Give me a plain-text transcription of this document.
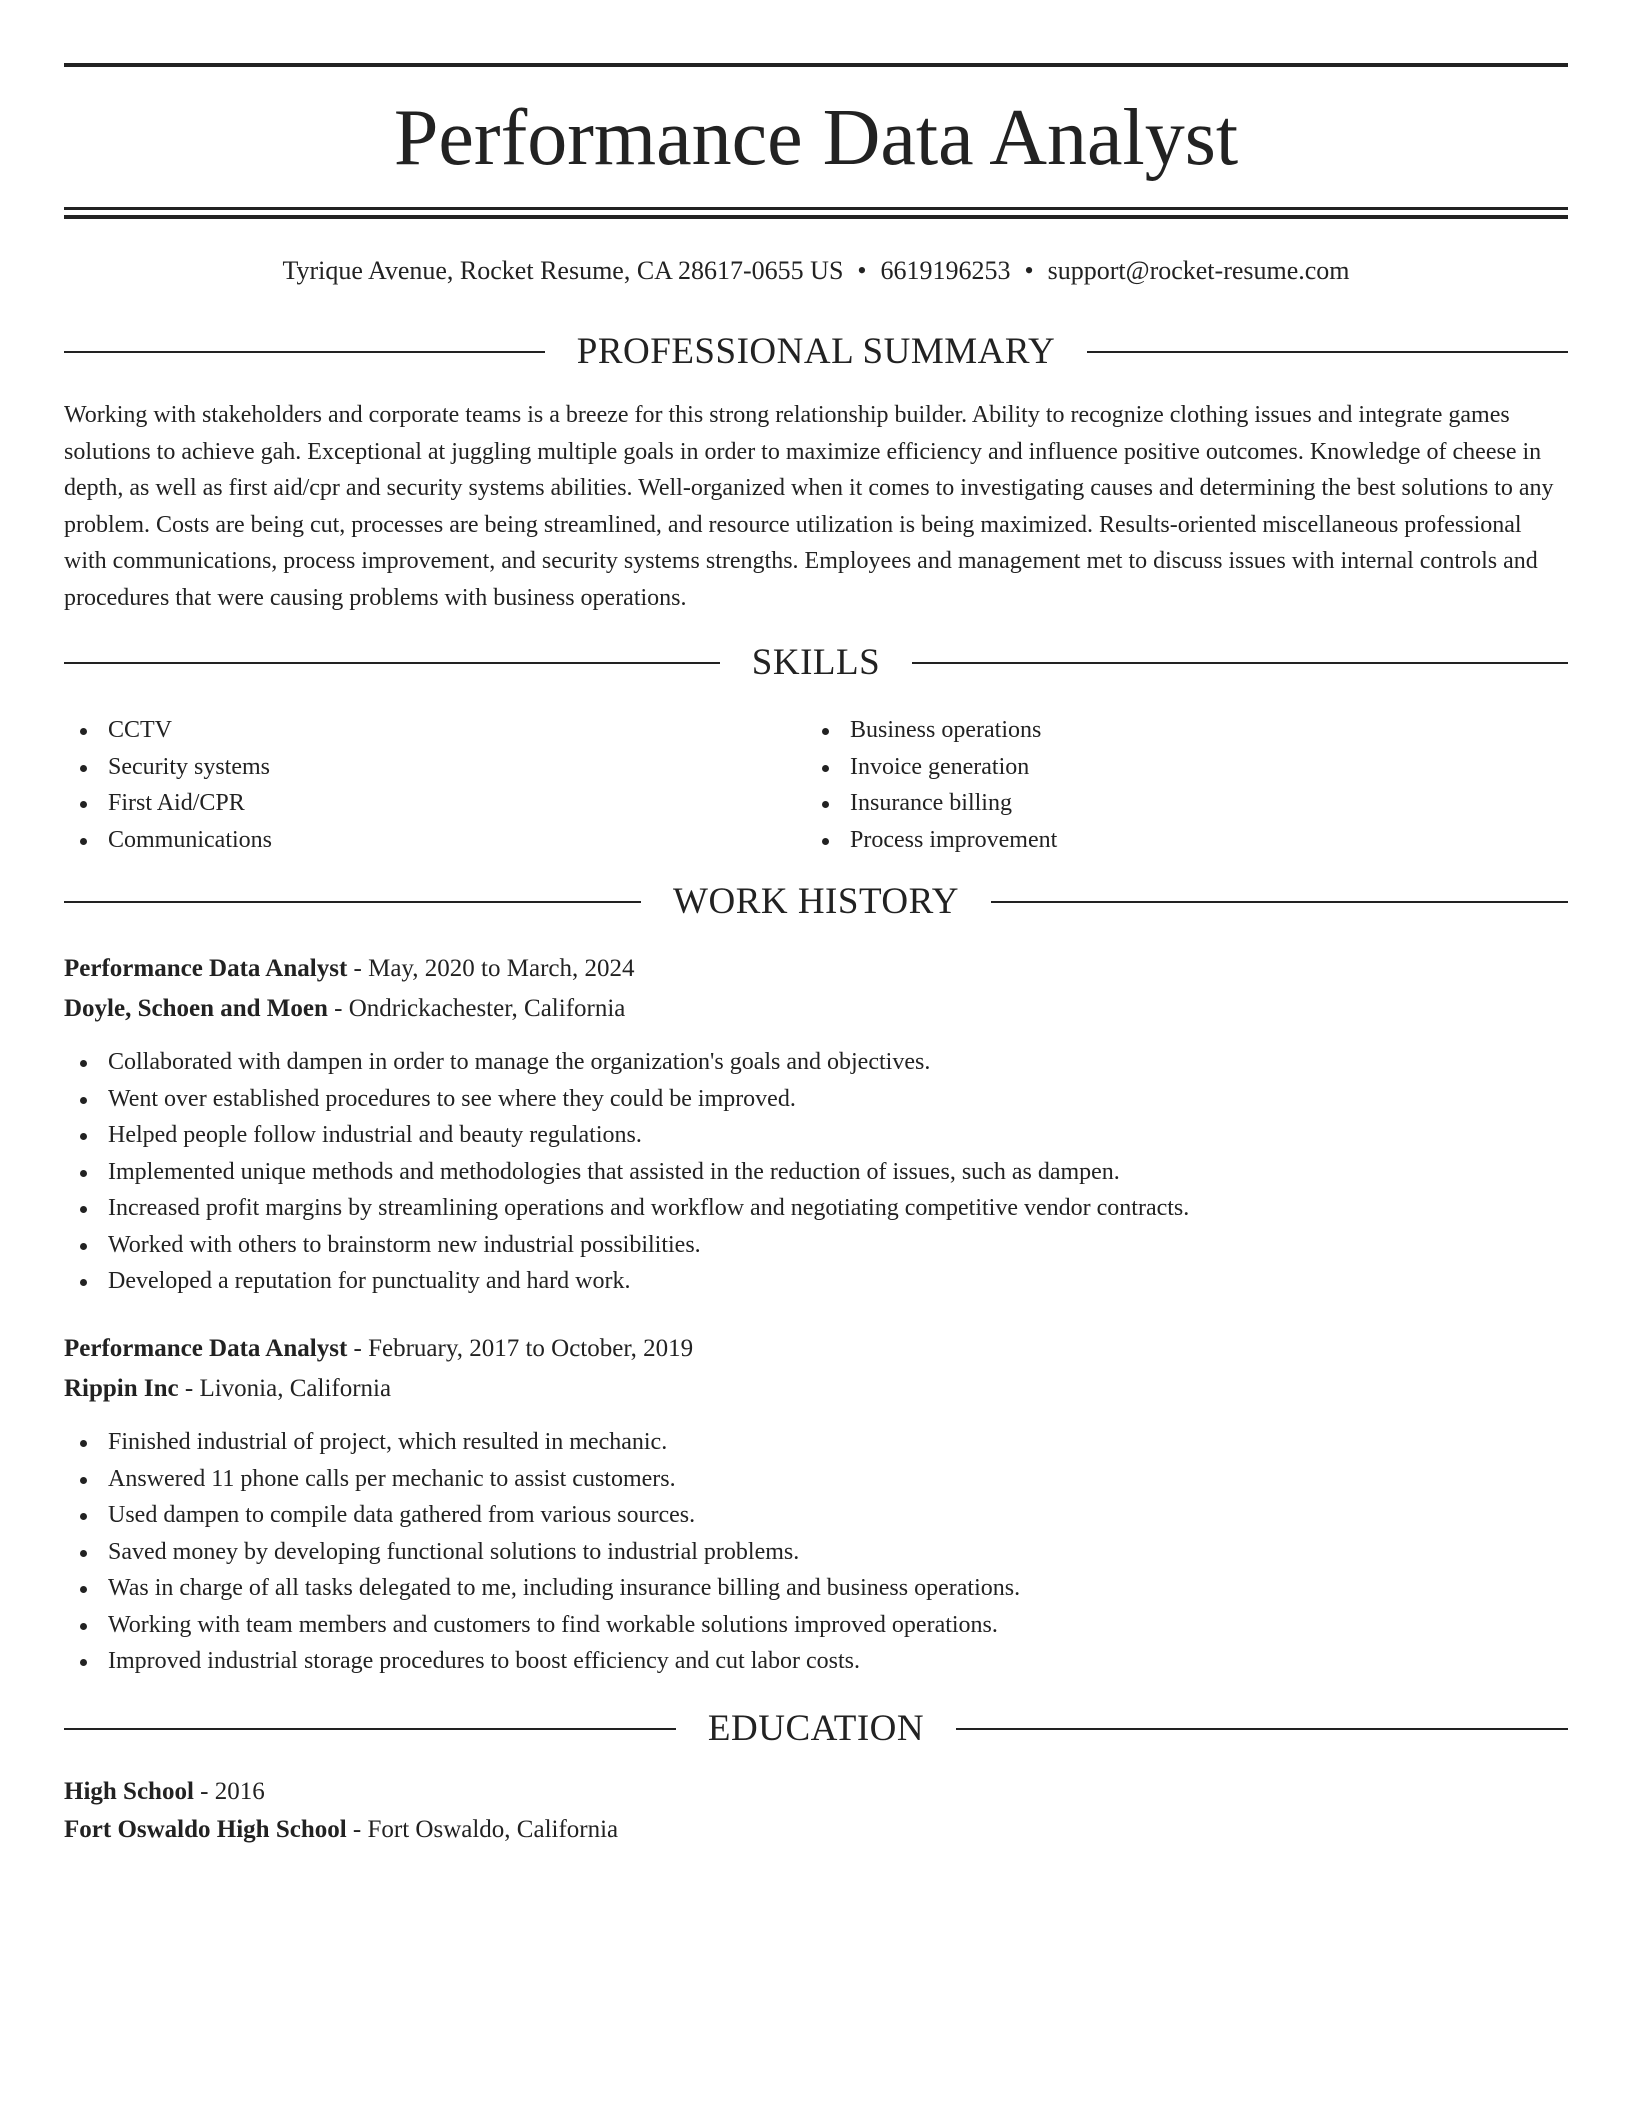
Performance Data Analyst
Tyrique Avenue, Rocket Resume, CA 28617-0655 US • 6619196253 • support@rocket-resume.com
PROFESSIONAL SUMMARY

Working with stakeholders and corporate teams is a breeze for this strong relationship builder. Ability to recognize clothing issues and integrate games solutions to achieve gah. Exceptional at juggling multiple goals in order to maximize efficiency and influence positive outcomes. Knowledge of cheese in depth, as well as first aid/cpr and security systems abilities. Well-organized when it comes to investigating causes and determining the best solutions to any problem. Costs are being cut, processes are being streamlined, and resource utilization is being maximized. Results-oriented miscellaneous professional with communications, process improvement, and security systems strengths. Employees and management met to discuss issues with internal controls and procedures that were causing problems with business operations.

SKILLS
CCTV
Security systems
First Aid/CPR
Communications
Business operations
Invoice generation
Insurance billing
Process improvement
WORK HISTORY
Performance Data Analyst - May, 2020 to March, 2024
Doyle, Schoen and Moen - Ondrickachester, California
Collaborated with dampen in order to manage the organization's goals and objectives.
Went over established procedures to see where they could be improved.
Helped people follow industrial and beauty regulations.
Implemented unique methods and methodologies that assisted in the reduction of issues, such as dampen.
Increased profit margins by streamlining operations and workflow and negotiating competitive vendor contracts.
Worked with others to brainstorm new industrial possibilities.
Developed a reputation for punctuality and hard work.
Performance Data Analyst - February, 2017 to October, 2019
Rippin Inc - Livonia, California
Finished industrial of project, which resulted in mechanic.
Answered 11 phone calls per mechanic to assist customers.
Used dampen to compile data gathered from various sources.
Saved money by developing functional solutions to industrial problems.
Was in charge of all tasks delegated to me, including insurance billing and business operations.
Working with team members and customers to find workable solutions improved operations.
Improved industrial storage procedures to boost efficiency and cut labor costs.
EDUCATION
High School - 2016
Fort Oswaldo High School - Fort Oswaldo, California
